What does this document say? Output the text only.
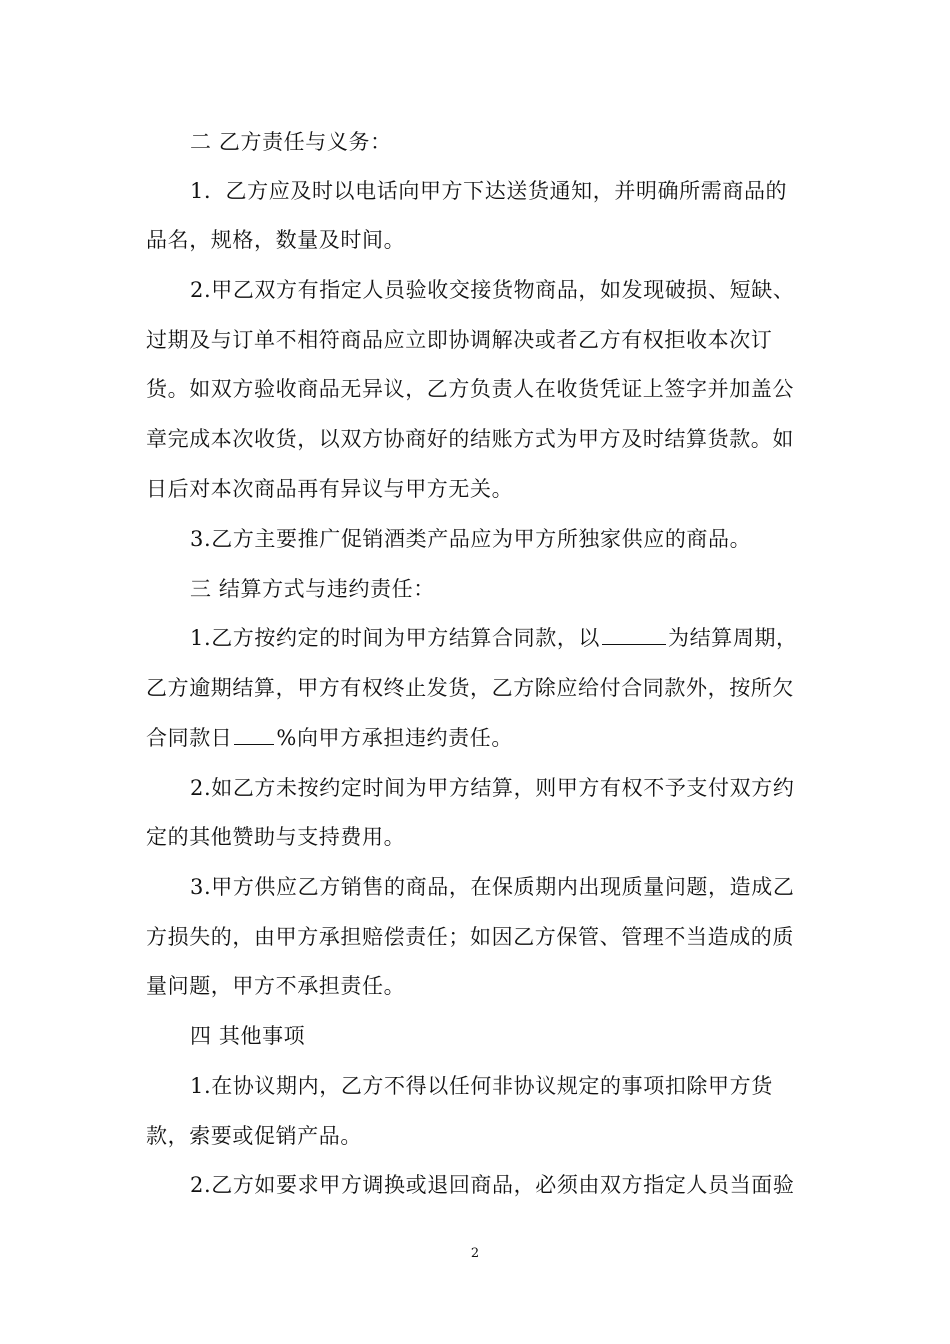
二 乙方责任与义务：
1．乙方应及时以电话向甲方下达送货通知，并明确所需商品的
品名，规格，数量及时间。
2.甲乙双方有指定人员验收交接货物商品，如发现破损、短缺、
过期及与订单不相符商品应立即协调解决或者乙方有权拒收本次订
货。如双方验收商品无异议，乙方负责人在收货凭证上签字并加盖公
章完成本次收货，以双方协商好的结账方式为甲方及时结算货款。如
日后对本次商品再有异议与甲方无关。
3.乙方主要推广促销酒类产品应为甲方所独家供应的商品。
三 结算方式与违约责任：
1.乙方按约定的时间为甲方结算合同款，以	为结算周期，
乙方逾期结算，甲方有权终止发货，乙方除应给付合同款外，按所欠
合同款日 %向甲方承担违约责任。
2.如乙方未按约定时间为甲方结算，则甲方有权不予支付双方约
定的其他赞助与支持费用。
3.甲方供应乙方销售的商品，在保质期内出现质量问题，造成乙
方损失的，由甲方承担赔偿责任；如因乙方保管、管理不当造成的质
量问题，甲方不承担责任。
四 其他事项
1.在协议期内，乙方不得以任何非协议规定的事项扣除甲方货
款，索要或促销产品。
2.乙方如要求甲方调换或退回商品，必须由双方指定人员当面验
2
